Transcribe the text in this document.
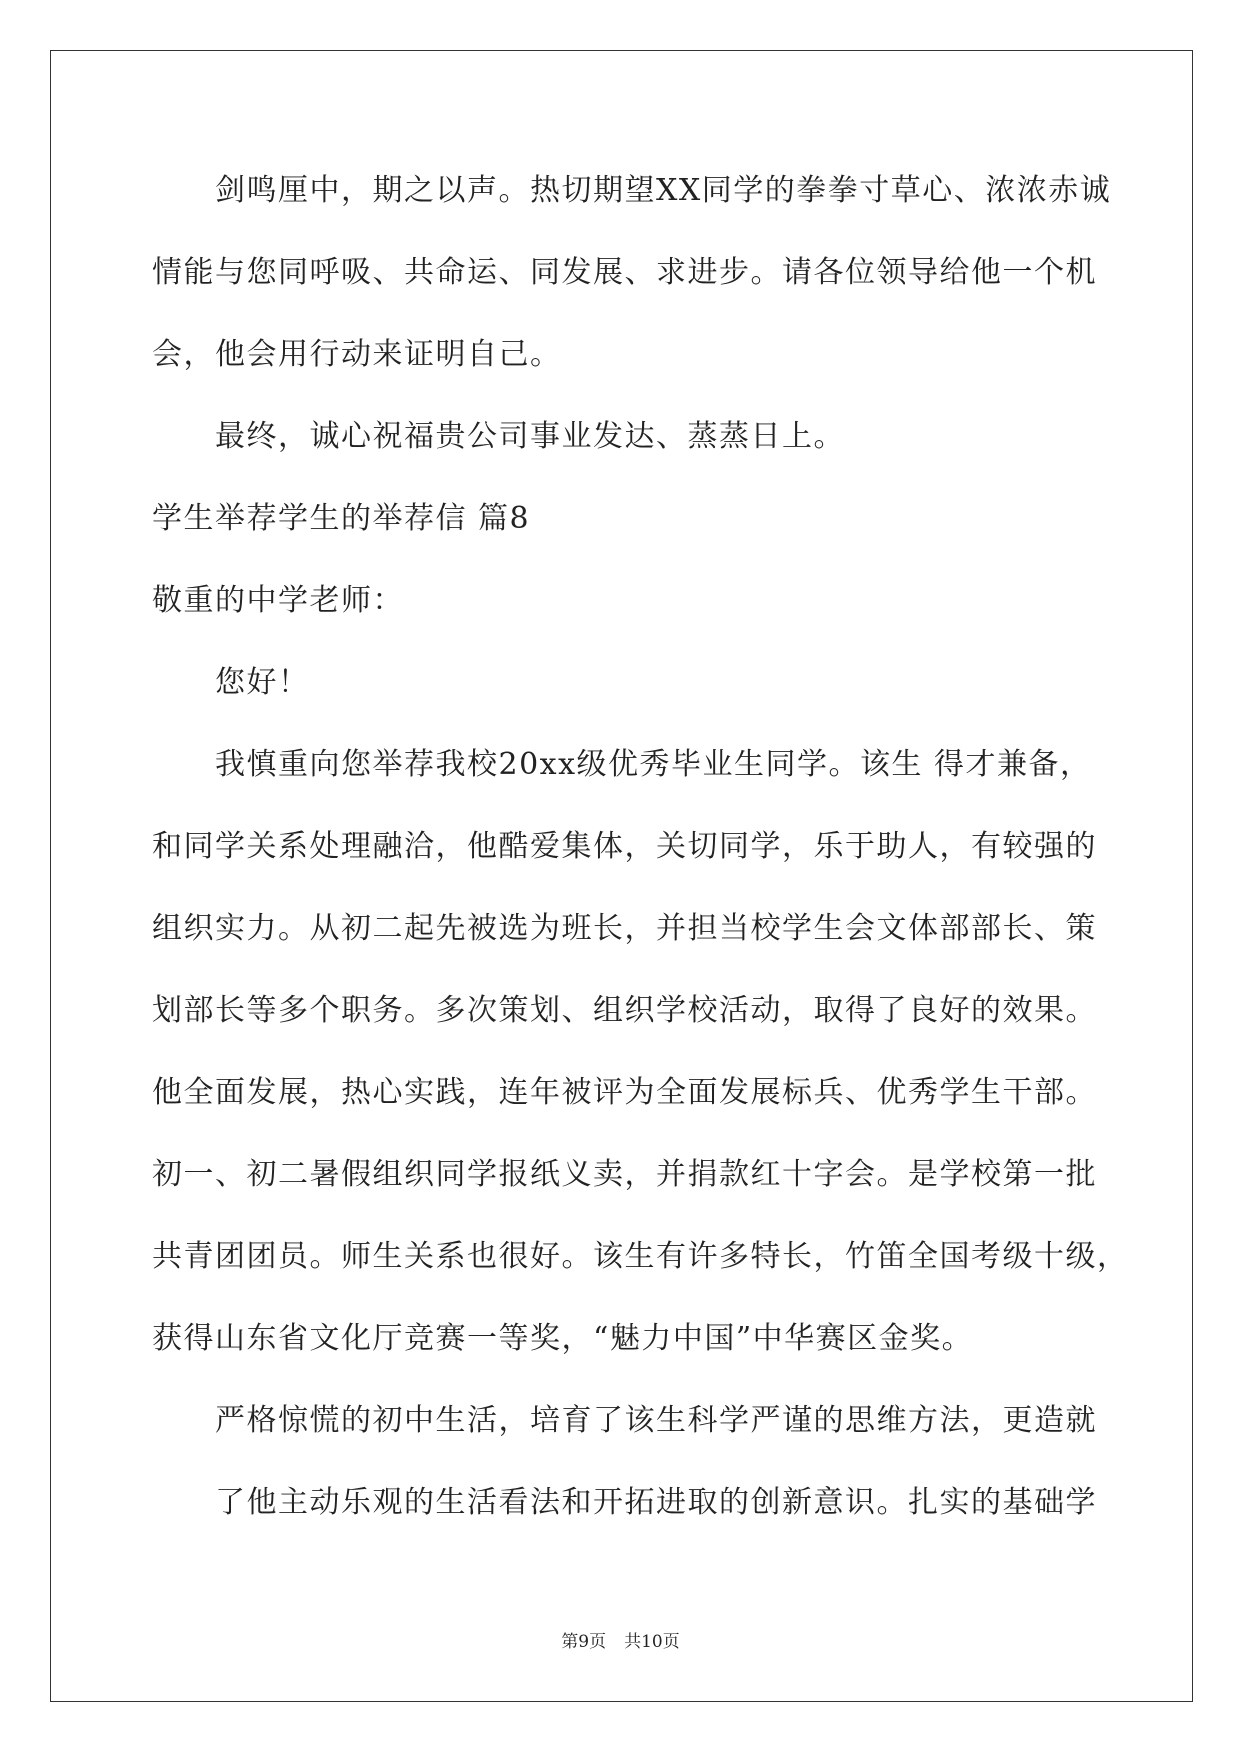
剑鸣厘中，期之以声。热切期望XX同学的拳拳寸草心、浓浓赤诚
情能与您同呼吸、共命运、同发展、求进步。请各位领导给他一个机
会，他会用行动来证明自己。
最终，诚心祝福贵公司事业发达、蒸蒸日上。
学生举荐学生的举荐信 篇8
敬重的中学老师：
您好！
我慎重向您举荐我校20xx级优秀毕业生同学。该生 得才兼备，
和同学关系处理融洽，他酷爱集体，关切同学，乐于助人，有较强的
组织实力。从初二起先被选为班长，并担当校学生会文体部部长、策
划部长等多个职务。多次策划、组织学校活动，取得了良好的效果。
他全面发展，热心实践，连年被评为全面发展标兵、优秀学生干部。
初一、初二暑假组织同学报纸义卖，并捐款红十字会。是学校第一批
共青团团员。师生关系也很好。该生有许多特长，竹笛全国考级十级，
获得山东省文化厅竞赛一等奖，“魅力中国”中华赛区金奖。
严格惊慌的初中生活，培育了该生科学严谨的思维方法，更造就
了他主动乐观的生活看法和开拓进取的创新意识。扎实的基础学
第9页 共10页
